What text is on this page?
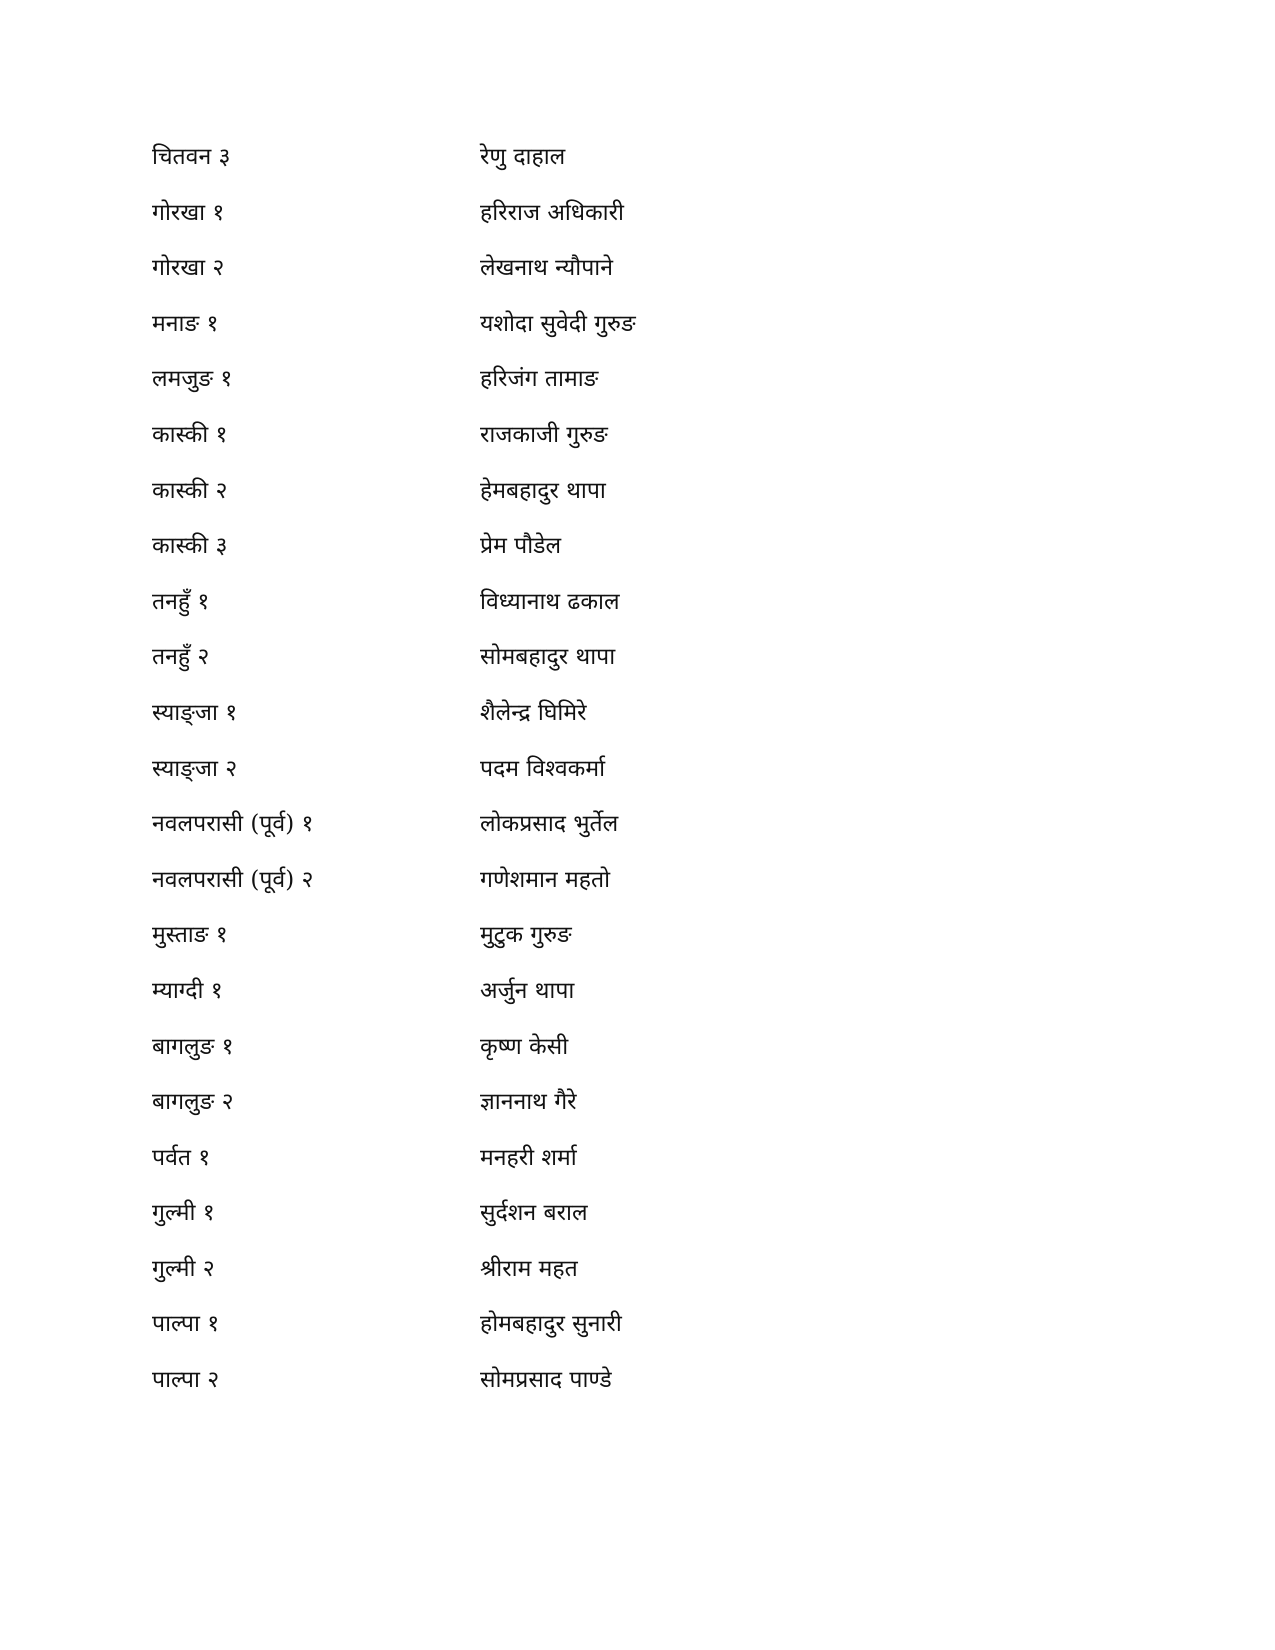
चितवन ३	रेणु दाहाल
गोरखा १	हरिराज अधिकारी
गोरखा २	लेखनाथ न्यौपाने
मनाङ १	यशोदा सुवेदी गुरुङ
लमजुङ १	हरिजंग तामाङ
कास्की १	राजकाजी गुरुङ
कास्की २	हेमबहादुर थापा
कास्की ३	प्रेम पौडेल
तनहुँ १	विध्यानाथ ढकाल
तनहुँ २	सोमबहादुर थापा
स्याङ्जा १	शैलेन्द्र घिमिरे
स्याङ्जा २	पदम विश्वकर्मा
नवलपरासी (पूर्व) १	लोकप्रसाद भुर्तेल
नवलपरासी (पूर्व) २	गणेशमान महतो
मुस्ताङ १	मुटुक गुरुङ
म्याग्दी १	अर्जुन थापा
बागलुङ १	कृष्ण केसी
बागलुङ २	ज्ञाननाथ गैरे
पर्वत १	मनहरी शर्मा
गुल्मी १	सुर्दशन बराल
गुल्मी २	श्रीराम महत
पाल्पा १	होमबहादुर सुनारी
पाल्पा २	सोमप्रसाद पाण्डे
